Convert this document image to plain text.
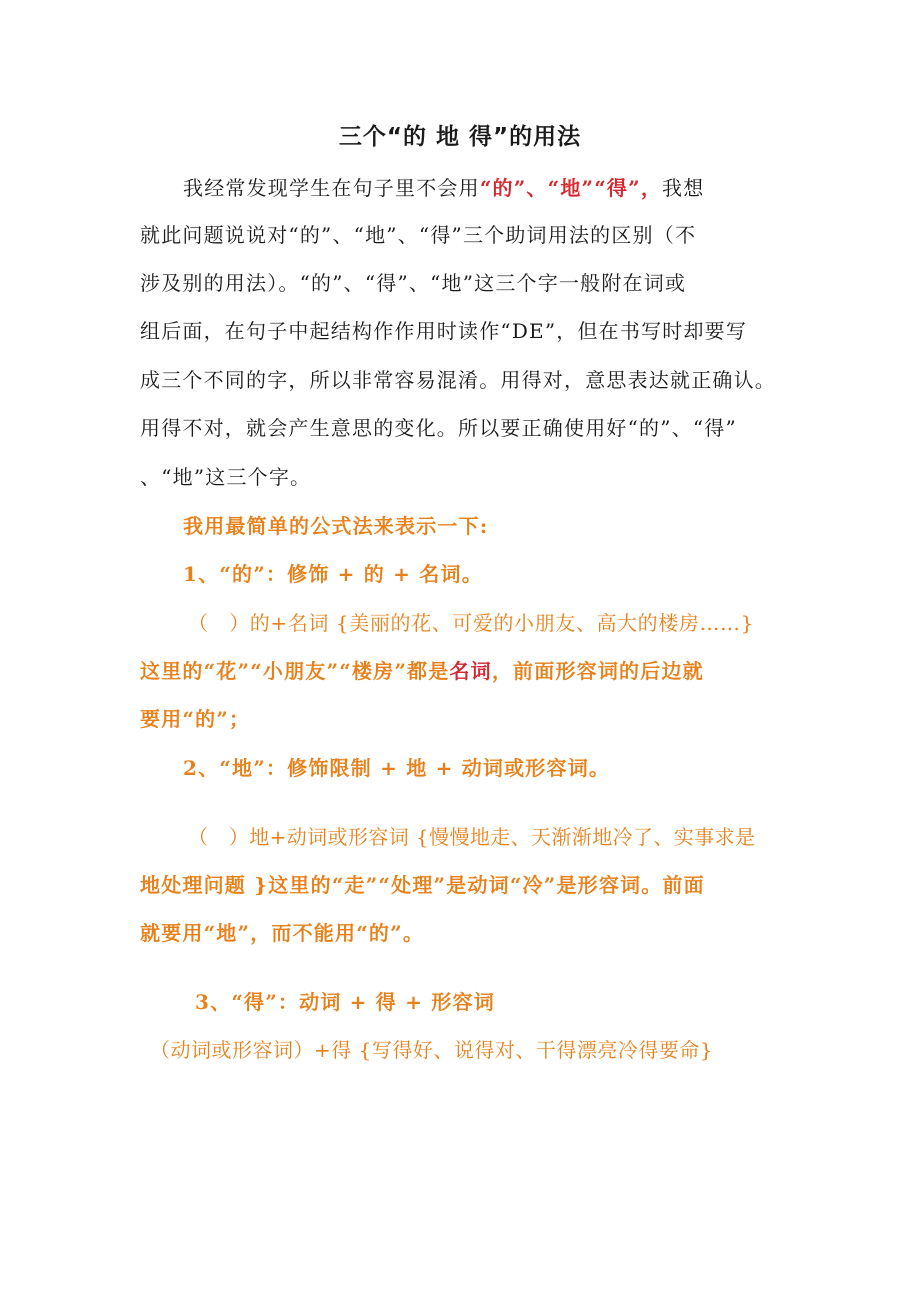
三个“的 地 得”的用法
我经常发现学生在句子里不会用“的”、“地”“得”，我想
就此问题说说对“的”、“地”、“得”三个助词用法的区别（不
涉及别的用法）。“的”、“得”、“地”这三个字一般附在词或
组后面，在句子中起结构作作用时读作“DE”，但在书写时却要写
成三个不同的字，所以非常容易混淆。用得对，意思表达就正确认。
用得不对，就会产生意思的变化。所以要正确使用好“的”、“得”
、“地”这三个字。
我用最简单的公式法来表示一下:
1、“的”：修饰 + 的 + 名词。
（　）的+名词 {美丽的花、可爱的小朋友、高大的楼房……}
这里的“花”“小朋友”“楼房”都是名词，前面形容词的后边就
要用“的”；
2、“地”：修饰限制 + 地 + 动词或形容词。
（　）地+动词或形容词 {慢慢地走、天渐渐地冷了、实事求是
地处理问题 }这里的“走”“处理”是动词“冷”是形容词。前面
就要用“地”，而不能用“的”。
3、“得”：动词 + 得 + 形容词
（动词或形容词）+得 {写得好、说得对、干得漂亮冷得要命}
